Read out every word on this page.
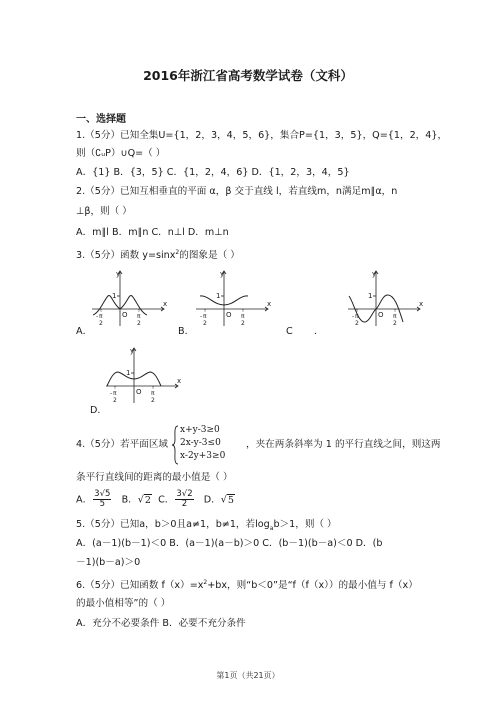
2016年浙江省高考数学试卷（文科）
一、选择题
1.（5分）已知全集U={1，2，3，4，5，6}，集合P={1，3，5}，Q={1，2，4}，
则（∁ᵤP）∪Q=（ ）
A．{1} B．{3，5} C．{1，2，4，6} D．{1，2，3，4，5}
2.（5分）已知互相垂直的平面 α，β 交于直线 l，若直线m，n满足m∥α，n
⊥β，则（ ）
A．m∥l B．m∥n C．n⊥l D．m⊥n
3.（5分）函数 y=sinx$^2$的图象是（ ）
A．	B．	C ．
D．
y
x
O
1
- π
2
π
2
y
x
O
1
- π
2
π
2
y
x
O
1
- π
2
π
2
y
x
O
1
- π
2
π
2
4.（5分）若平面区域
x+y-3≥0
2x-y-3≤0
x-2y+3≥0
，夹在两条斜率为 1 的平行直线之间，则这两
条平行直线间的距离的最小值是（ ）
A． $\frac{3√5}{5}$ B．√2 C． $\frac{3√2}{2}$ D．√5
5.（5分）已知a，b＞0且a≠1，b≠1，若$\log_ab>1$，则（ ）
A．(a－1)(b－1)＜0 B．(a－1)(a－b)＞0 C．(b－1)(b－a)＜0 D．(b
－1)(b－a)＞0
6.（5分）已知函数 $f(x)=x^2+bx$，则“b＜0”是“f（f（x））的最小值与 f（x）
的最小值相等”的（ ）
A．充分不必要条件 B．必要不充分条件
第1页（共21页）
